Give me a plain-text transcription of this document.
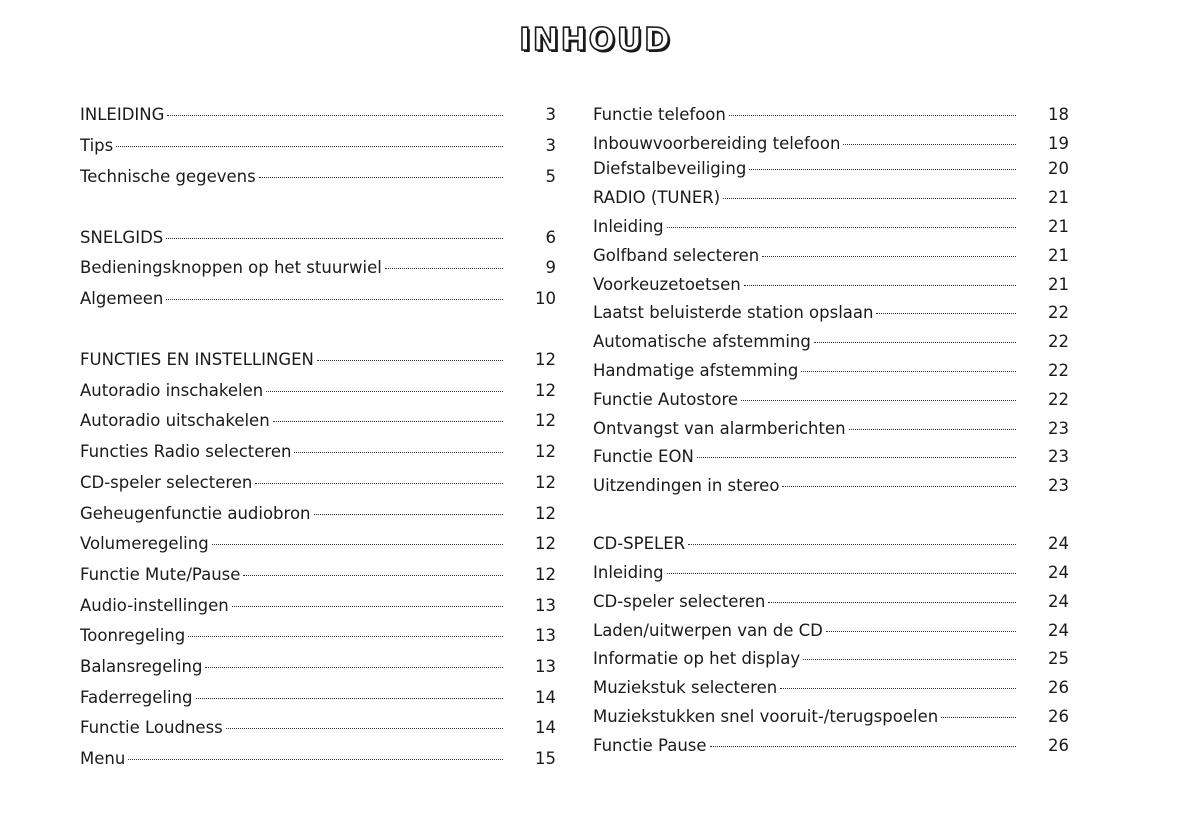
INHOUD
INLEIDING	3
Tips	3
Technische gegevens	5
SNELGIDS	6
Bedieningsknoppen op het stuurwiel	9
Algemeen	10
FUNCTIES EN INSTELLINGEN	12
Autoradio inschakelen	12
Autoradio uitschakelen	12
Functies Radio selecteren	12
CD-speler selecteren	12
Geheugenfunctie audiobron	12
Volumeregeling	12
Functie Mute/Pause	12
Audio-instellingen	13
Toonregeling	13
Balansregeling	13
Faderregeling	14
Functie Loudness	14
Menu	15
Functie telefoon	18
Inbouwvoorbereiding telefoon	19
Diefstalbeveiliging	20
RADIO (TUNER)	21
Inleiding	21
Golfband selecteren	21
Voorkeuzetoetsen	21
Laatst beluisterde station opslaan	22
Automatische afstemming	22
Handmatige afstemming	22
Functie Autostore	22
Ontvangst van alarmberichten	23
Functie EON	23
Uitzendingen in stereo	23
CD-SPELER	24
Inleiding	24
CD-speler selecteren	24
Laden/uitwerpen van de CD	24
Informatie op het display	25
Muziekstuk selecteren	26
Muziekstukken snel vooruit-/terugspoelen	26
Functie Pause	26
